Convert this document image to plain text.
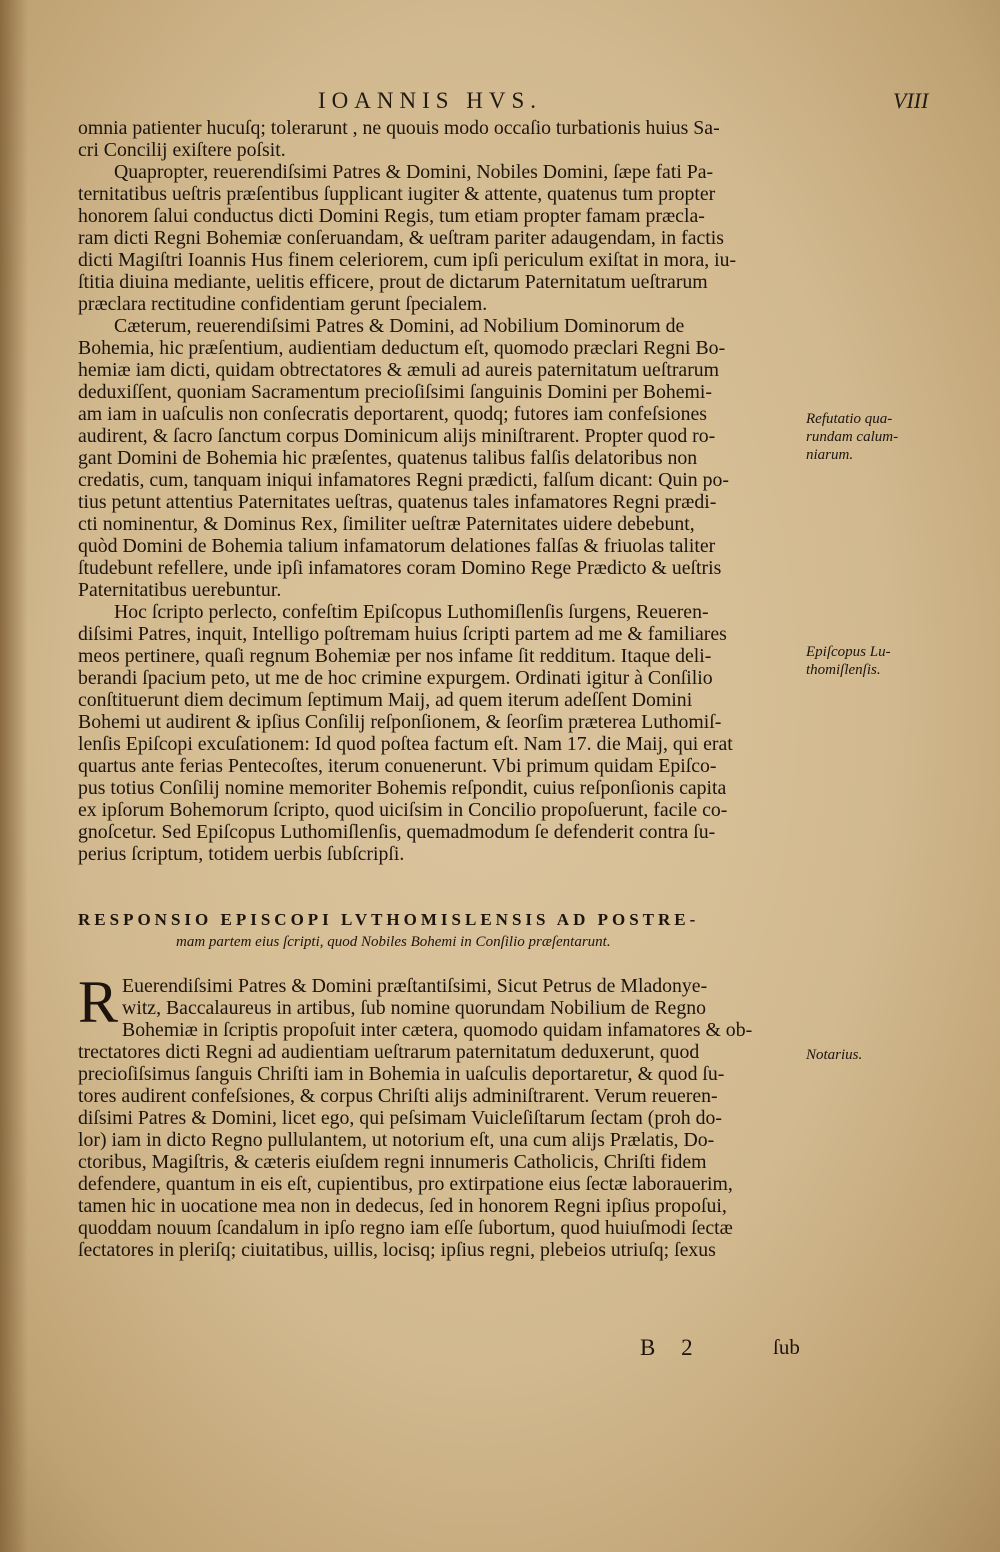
IOANNIS HVS.	VIII
omnia patienter hucuſq; tolerarunt , ne quouis modo occaſio turbationis huius Sa-
cri Concilij exiſtere poſsit.
Quapropter, reuerendiſsimi Patres & Domini, Nobiles Domini, ſæpe fati Pa-
ternitatibus ueſtris præſentibus ſupplicant iugiter & attente, quatenus tum propter
honorem ſalui conductus dicti Domini Regis, tum etiam propter famam præcla-
ram dicti Regni Bohemiæ conſeruandam, & ueſtram pariter adaugendam, in factis
dicti Magiſtri Ioannis Hus finem celeriorem, cum ipſi periculum exiſtat in mora, iu-
ſtitia diuina mediante, uelitis efficere, prout de dictarum Paternitatum ueſtrarum
præclara rectitudine confidentiam gerunt ſpecialem.
Cæterum, reuerendiſsimi Patres & Domini, ad Nobilium Dominorum de
Bohemia, hic præſentium, audientiam deductum eſt, quomodo præclari Regni Bo-
hemiæ iam dicti, quidam obtrectatores & æmuli ad aureis paternitatum ueſtrarum
deduxiſſent, quoniam Sacramentum precioſiſsimi ſanguinis Domini per Bohemi-
am iam in uaſculis non conſecratis deportarent, quodq; futores iam confeſsiones
audirent, & ſacro ſanctum corpus Dominicum alijs miniſtrarent. Propter quod ro-
gant Domini de Bohemia hic præſentes, quatenus talibus falſis delatoribus non
credatis, cum, tanquam iniqui infamatores Regni prædicti, falſum dicant: Quin po-
tius petunt attentius Paternitates ueſtras, quatenus tales infamatores Regni prædi-
cti nominentur, & Dominus Rex, ſimiliter ueſtræ Paternitates uidere debebunt,
quòd Domini de Bohemia talium infamatorum delationes falſas & friuolas taliter
ſtudebunt refellere, unde ipſi infamatores coram Domino Rege Prædicto & ueſtris
Paternitatibus uerebuntur.
Hoc ſcripto perlecto, confeſtim Epiſcopus Luthomiſlenſis ſurgens, Reueren-
diſsimi Patres, inquit, Intelligo poſtremam huius ſcripti partem ad me & familiares
meos pertinere, quaſi regnum Bohemiæ per nos infame ſit redditum. Itaque deli-
berandi ſpacium peto, ut me de hoc crimine expurgem. Ordinati igitur à Conſilio
conſtituerunt diem decimum ſeptimum Maij, ad quem iterum adeſſent Domini
Bohemi ut audirent & ipſius Conſilij reſponſionem, & ſeorſim præterea Luthomiſ-
lenſis Epiſcopi excuſationem: Id quod poſtea factum eſt. Nam 17. die Maij, qui erat
quartus ante ferias Pentecoſtes, iterum conuenerunt. Vbi primum quidam Epiſco-
pus totius Conſilij nomine memoriter Bohemis reſpondit, cuius reſponſionis capita
ex ipſorum Bohemorum ſcripto, quod uiciſsim in Concilio propoſuerunt, facile co-
gnoſcetur. Sed Epiſcopus Luthomiſlenſis, quemadmodum ſe defenderit contra ſu-
perius ſcriptum, totidem uerbis ſubſcripſi.
RESPONSIO EPISCOPI LVTHOMISLENSIS AD POSTRE-
mam partem eius ſcripti, quod Nobiles Bohemi in Conſilio præſentarunt.
R Euerendiſsimi Patres & Domini præſtantiſsimi, Sicut Petrus de Mladonye-
witz, Baccalaureus in artibus, ſub nomine quorundam Nobilium de Regno
Bohemiæ in ſcriptis propoſuit inter cætera, quomodo quidam infamatores & ob-
trectatores dicti Regni ad audientiam ueſtrarum paternitatum deduxerunt, quod
precioſiſsimus ſanguis Chriſti iam in Bohemia in uaſculis deportaretur, & quod ſu-
tores audirent confeſsiones, & corpus Chriſti alijs adminiſtrarent. Verum reueren-
diſsimi Patres & Domini, licet ego, qui peſsimam Vuicleſiſtarum ſectam (proh do-
lor) iam in dicto Regno pullulantem, ut notorium eſt, una cum alijs Prælatis, Do-
ctoribus, Magiſtris, & cæteris eiuſdem regni innumeris Catholicis, Chriſti fidem
defendere, quantum in eis eſt, cupientibus, pro extirpatione eius ſectæ laborauerim,
tamen hic in uocatione mea non in dedecus, ſed in honorem Regni ipſius propoſui,
quoddam nouum ſcandalum in ipſo regno iam eſſe ſubortum, quod huiuſmodi ſectæ
ſectatores in pleriſq; ciuitatibus, uillis, locisq; ipſius regni, plebeios utriuſq; ſexus
Refutatio qua-
rundam calum-
niarum.
Epiſcopus Lu-
thomiſlenſis.
Notarius.
B 2	ſub
